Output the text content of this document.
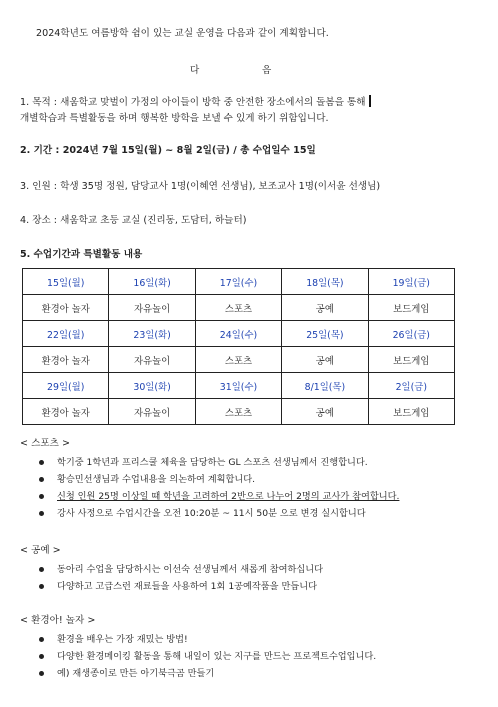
2024학년도 여름방학 쉼이 있는 교실 운영을 다음과 같이 계획합니다.
다	음
1. 목적 : 새움학교 맞벌이 가정의 아이들이 방학 중 안전한 장소에서의 돌봄을 통해
개별학습과 특별활동을 하며 행복한 방학을 보낼 수 있게 하기 위함입니다.
2. 기간 : 2024년 7월 15일(월) ~ 8월 2일(금) / 총 수업일수 15일
3. 인원 : 학생 35명 정원, 담당교사 1명(이혜연 선생님), 보조교사 1명(이서윤 선생님)
4. 장소 : 새움학교 초등 교실 (진리동, 도담터, 하늘터)
5. 수업기간과 특별활동 내용
15일(월)	16일(화)	17일(수)	18일(목)	19일(금)
환경아 놀자	자유놀이	스포츠	공예	보드게임
22일(월)	23일(화)	24일(수)	25일(목)	26일(금)
환경아 놀자	자유놀이	스포츠	공예	보드게임
29일(월)	30일(화)	31일(수)	8/1일(목)	2일(금)
환경아 놀자	자유놀이	스포츠	공예	보드게임
< 스포츠 >
학기중 1학년과 프리스쿨 체육을 담당하는 GL 스포츠 선생님께서 진행합니다.
황승민선생님과 수업내용을 의논하여 계획합니다.
신청 인원 25명 이상일 때 학년을 고려하여 2반으로 나누어 2명의 교사가 참여합니다.
강사 사정으로 수업시간을 오전 10:20분 ~ 11시 50분 으로 변경 실시합니다
< 공예 >
동아리 수업을 담당하시는 이선숙 선생님께서 새롭게 참여하십니다
다양하고 고급스런 재료들을 사용하여 1회 1공예작품을 만듭니다
< 환경아! 놀자 >
환경을 배우는 가장 재밌는 방법!
다양한 환경메이킹 활동을 통해 내일이 있는 지구를 만드는 프로젝트수업입니다.
예) 재생종이로 만든 아기북극곰 만들기
